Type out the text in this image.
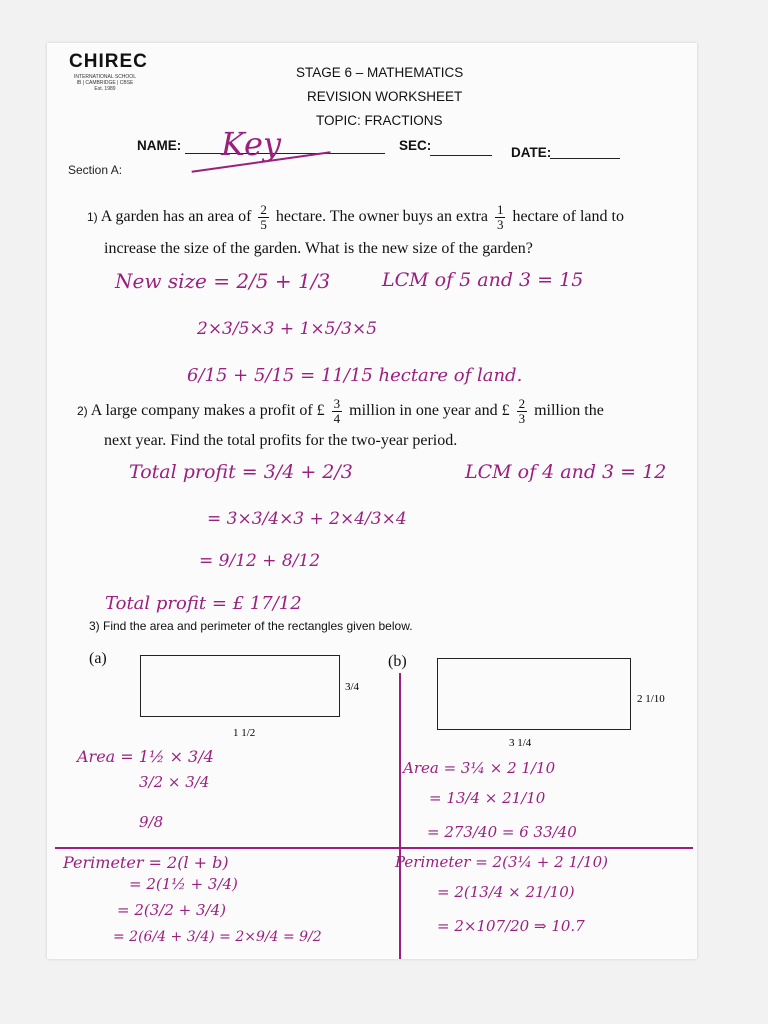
CHIREC
INTERNATIONAL SCHOOL
IB | CAMBRIDGE | CBSE
Est. 1989
STAGE 6 – MATHEMATICS
REVISION WORKSHEET
TOPIC: FRACTIONS
NAME: Key	SEC:	DATE:
Section A:
1) A garden has an area of $\frac{2}{5}$ hectare. The owner buys an extra $\frac{1}{3}$ hectare of land to
increase the size of the garden. What is the new size of the garden?
New size = 2/5 + 1/3	LCM of 5 and 3 = 15
2×3/5×3 + 1×5/3×5
6/15 + 5/15 = 11/15 hectare of land.
2) A large company makes a profit of £ $\frac{3}{4}$ million in one year and £ $\frac{2}{3}$ million the
next year. Find the total profits for the two-year period.
Total profit = 3/4 + 2/3	LCM of 4 and 3 = 12
= 3×3/4×3 + 2×4/3×4
= 9/12 + 8/12
Total profit = £ 17/12
3) Find the area and perimeter of the rectangles given below.
(a)
3/4
1 1/2
(b)
2 1/10
3 1/4
Area = 1½ × 3/4
3/2 × 3/4
9/8
Perimeter = 2(l + b)
= 2(1½ + 3/4)
= 2(3/2 + 3/4)
= 2(6/4 + 3/4) = 2×9/4 = 9/2
Area = 3¼ × 2 1/10
= 13/4 × 21/10
= 273/40 = 6 33/40
Perimeter = 2(3¼ + 2 1/10)
= 2(13/4 × 21/10)
= 2×107/20 ⇒ 10.7
